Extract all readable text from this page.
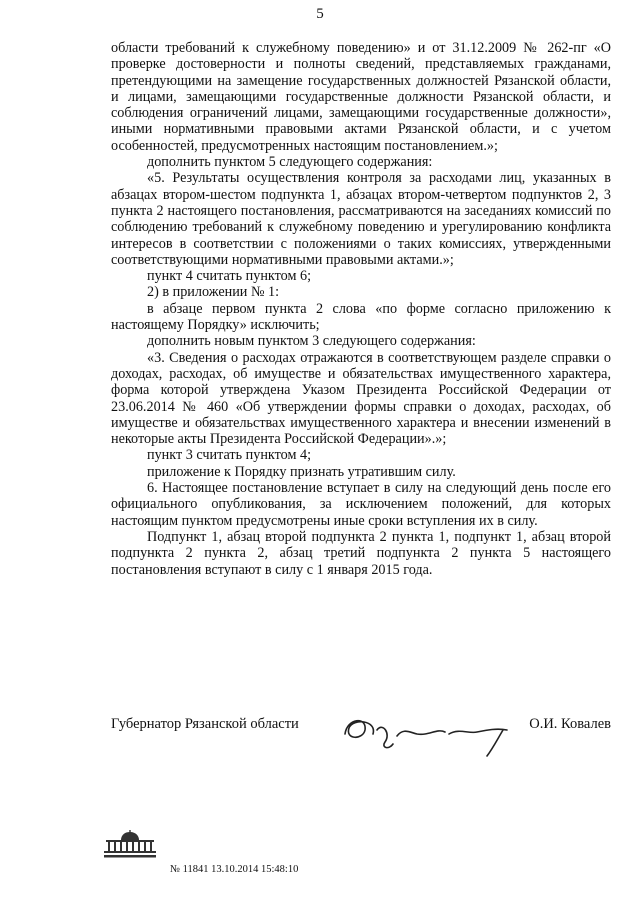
5

области требований к служебному поведению» и от 31.12.2009 № 262-пг «О проверке достоверности и полноты сведений, представляемых гражданами, претендующими на замещение государственных должностей Рязанской области, и лицами, замещающими государственные должности Рязанской области, и соблюдения ограничений лицами, замещающими государственные должности», иными нормативными правовыми актами Рязанской области, и с учетом особенностей, предусмотренных настоящим постановлением.»;

дополнить пунктом 5 следующего содержания:

«5. Результаты осуществления контроля за расходами лиц, указанных в абзацах втором-шестом подпункта 1, абзацах втором-четвертом подпунктов 2, 3 пункта 2 настоящего постановления, рассматриваются на заседаниях комиссий по соблюдению требований к служебному поведению и урегулированию конфликта интересов в соответствии с положениями о таких комиссиях, утвержденными соответствующими нормативными правовыми актами.»;

пункт 4 считать пунктом 6;

2) в приложении № 1:

в абзаце первом пункта 2 слова «по форме согласно приложению к настоящему Порядку» исключить;

дополнить новым пунктом 3 следующего содержания:

«3. Сведения о расходах отражаются в соответствующем разделе справки о доходах, расходах, об имуществе и обязательствах имущественного характера, форма которой утверждена Указом Президента Российской Федерации от 23.06.2014 № 460 «Об утверждении формы справки о доходах, расходах, об имуществе и обязательствах имущественного характера и внесении изменений в некоторые акты Президента Российской Федерации».»;

пункт 3 считать пунктом 4;

приложение к Порядку признать утратившим силу.

6. Настоящее постановление вступает в силу на следующий день после его официального опубликования, за исключением положений, для которых настоящим пунктом предусмотрены иные сроки вступления их в силу.

Подпункт 1, абзац второй подпункта 2 пункта 1, подпункт 1, абзац второй подпункта 2 пункта 2, абзац третий подпункта 2 пункта 5 настоящего постановления вступают в силу с 1 января 2015 года.

Губернатор Рязанской области	О.И. Ковалев
№ 11841 13.10.2014 15:48:10
